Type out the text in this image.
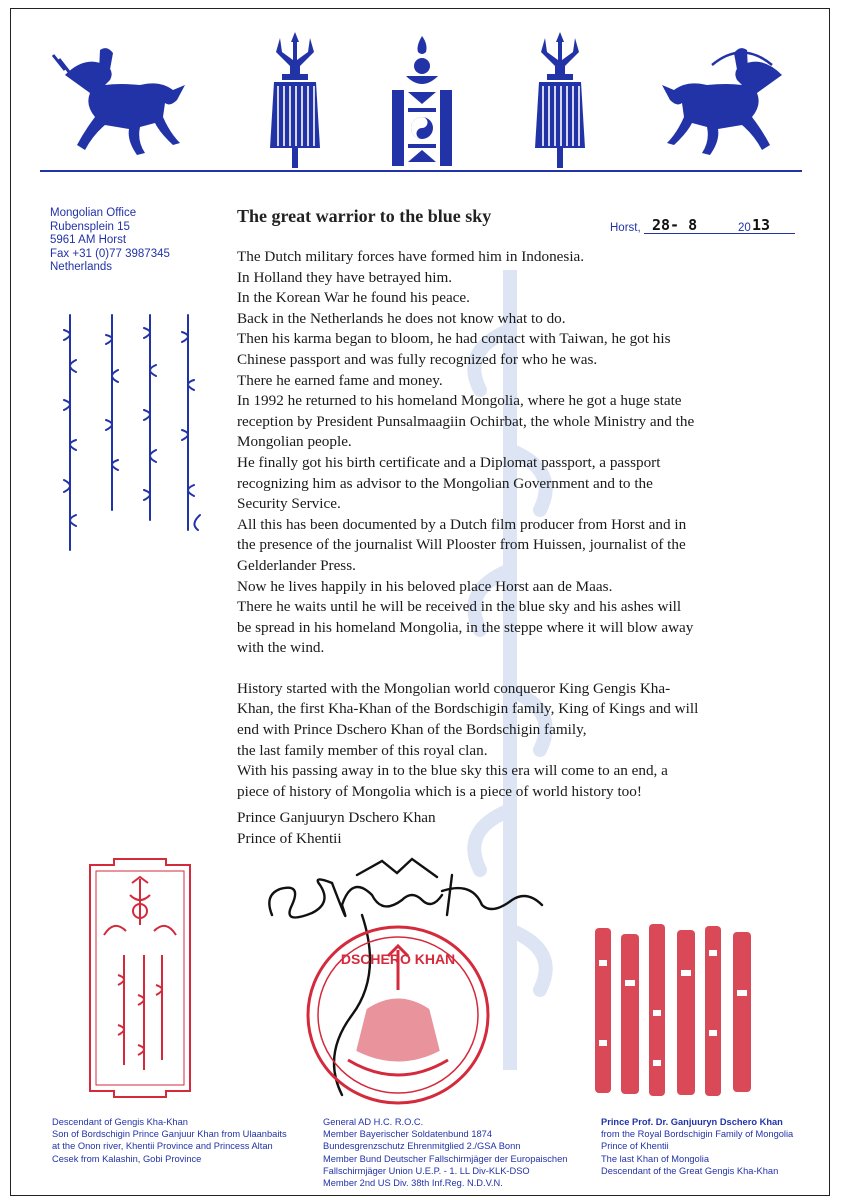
Mongolian Office
Rubensplein 15
5961 AM Horst
Fax +31 (0)77 3987345
Netherlands
The great warrior to the blue sky
Horst, 28- 8	20 13
The Dutch military forces have formed him in Indonesia.
In Holland they have betrayed him.
In the Korean War he found his peace.
Back in the Netherlands he does not know what to do.
Then his karma began to bloom, he had contact with Taiwan, he got his
Chinese passport and was fully recognized for who he was.
There he earned fame and money.
In 1992 he returned to his homeland Mongolia, where he got a huge state
reception by President Punsalmaagiin Ochirbat, the whole Ministry and the
Mongolian people.
He finally got his birth certificate and a Diplomat passport, a passport
recognizing him as advisor to the Mongolian Government and to the
Security Service.
All this has been documented by a Dutch film producer from Horst and in
the presence of the journalist Will Plooster from Huissen, journalist of the
Gelderlander Press.
Now he lives happily in his beloved place Horst aan de Maas.
There he waits until he will be received in the blue sky and his ashes will
be spread in his homeland Mongolia, in the steppe where it will blow away
with the wind.
History started with the Mongolian world conqueror King Gengis Kha-
Khan, the first Kha-Khan of the Bordschigin family, King of Kings and will
end with Prince Dschero Khan of the Bordschigin family,
the last family member of this royal clan.
With his passing away in to the blue sky this era will come to an end, a
piece of history of Mongolia which is a piece of world history too!
Prince Ganjuuryn Dschero Khan
Prince of Khentii
DSCHERO KHAN
Descendant of Gengis Kha-Khan
Son of Bordschigin Prince Ganjuur Khan from Ulaanbaits
at the Onon river, Khentii Province and Princess Altan
Cesek from Kalashin, Gobi Province
General AD H.C. R.O.C.
Member Bayerischer Soldatenbund 1874
Bundesgrenzschutz Ehrenmitglied 2./GSA Bonn
Member Bund Deutscher Fallschirmjäger der Europaischen
Fallschirmjäger Union U.E.P. - 1. LL Div-KLK-DSO
Member 2nd US Div. 38th Inf.Reg. N.D.V.N.
Prince Prof. Dr. Ganjuuryn Dschero Khan
from the Royal Bordschigin Family of Mongolia
Prince of Khentii
The last Khan of Mongolia
Descendant of the Great Gengis Kha-Khan
